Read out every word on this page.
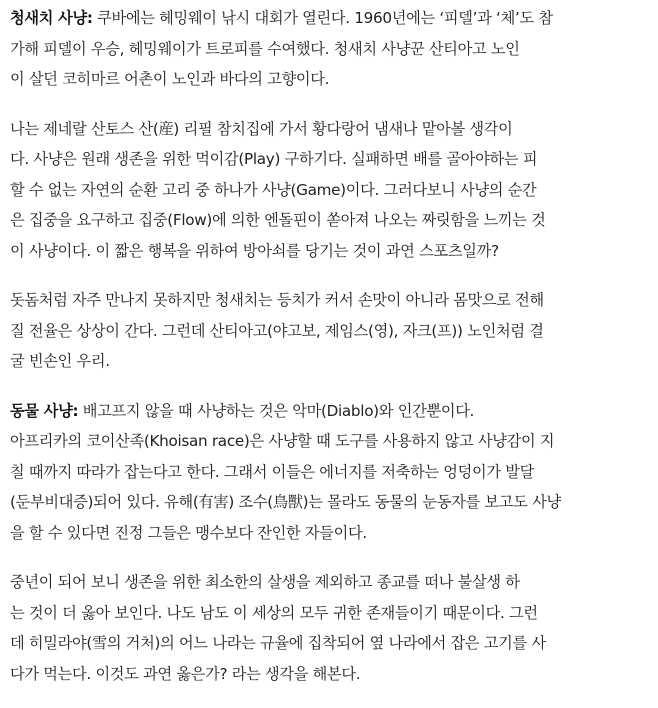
청새치 사냥: 쿠바에는 헤밍웨이 낚시 대회가 열린다. 1960년에는 ‘피델’과 ‘체’도 참
가해 피델이 우승, 헤밍웨이가 트로피를 수여했다. 청새치 사냥꾼 산티아고 노인
이 살던 코히마르 어촌이 노인과 바다의 고향이다.
나는 제네랄 산토스 산(産) 리필 참치집에 가서 황다랑어 냄새나 맡아볼 생각이
다. 사냥은 원래 생존을 위한 먹이감(Play) 구하기다. 실패하면 배를 골아야하는 피
할 수 없는 자연의 순환 고리 중 하나가 사냥(Game)이다. 그러다보니 사냥의 순간
은 집중을 요구하고 집중(Flow)에 의한 엔돌핀이 쏟아져 나오는 짜릿함을 느끼는 것
이 사냥이다. 이 짧은 행복을 위하여 방아쇠를 당기는 것이 과연 스포츠일까?
돗돔처럼 자주 만나지 못하지만 청새치는 등치가 커서 손맛이 아니라 몸맛으로 전해
질 전율은 상상이 간다. 그런데 산티아고(야고보, 제임스(영), 자크(프)) 노인처럼 결
굴 빈손인 우리.
동물 사냥: 배고프지 않을 때 사냥하는 것은 악마(Diablo)와 인간뿐이다.
아프리카의 코이산족(Khoisan race)은 사냥할 때 도구를 사용하지 않고 사냥감이 지
칠 때까지 따라가 잡는다고 한다. 그래서 이들은 에너지를 저축하는 엉덩이가 발달
(둔부비대증)되어 있다. 유해(有害) 조수(鳥獸)는 몰라도 동물의 눈동자를 보고도 사냥
을 할 수 있다면 진정 그들은 맹수보다 잔인한 자들이다.
중년이 되어 보니 생존을 위한 최소한의 살생을 제외하고 종교를 떠나 불살생 하
는 것이 더 옳아 보인다. 나도 남도 이 세상의 모두 귀한 존재들이기 때문이다. 그런
데 히밀라야(雪의 거처)의 어느 나라는 규율에 집착되어 옆 나라에서 잡은 고기를 사
다가 먹는다. 이것도 과연 옳은가? 라는 생각을 해본다.
